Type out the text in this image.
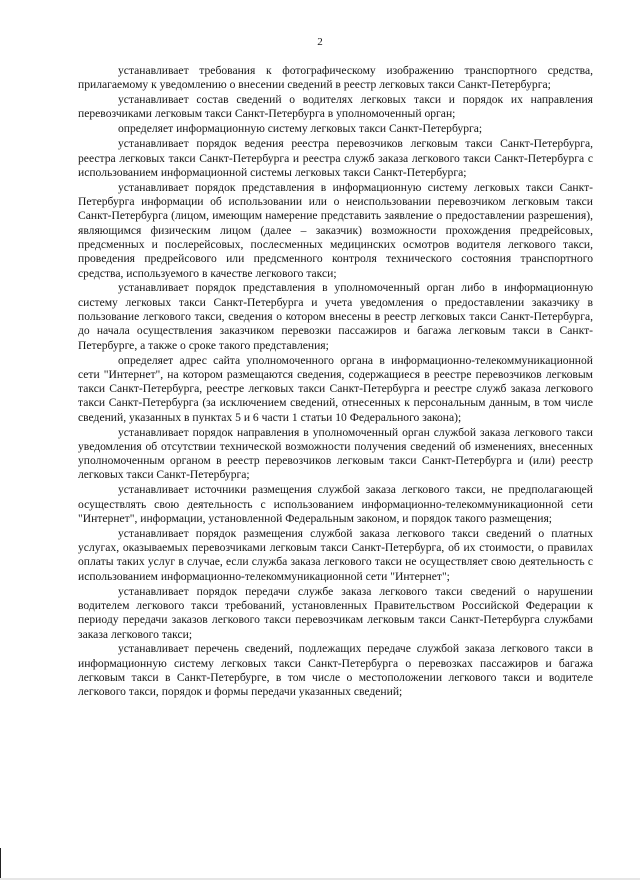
2

устанавливает требования к фотографическому изображению транспортного средства, прилагаемому к уведомлению о внесении сведений в реестр легковых такси Санкт-Петербурга;

устанавливает состав сведений о водителях легковых такси и порядок их направления перевозчиками легковым такси Санкт-Петербурга в уполномоченный орган;

определяет информационную систему легковых такси Санкт-Петербурга;

устанавливает порядок ведения реестра перевозчиков легковым такси Санкт-Петербурга, реестра легковых такси Санкт-Петербурга и реестра служб заказа легкового такси Санкт-Петербурга с использованием информационной системы легковых такси Санкт-Петербурга;

устанавливает порядок представления в информационную систему легковых такси Санкт-Петербурга информации об использовании или о неиспользовании перевозчиком легковым такси Санкт-Петербурга (лицом, имеющим намерение представить заявление о предоставлении разрешения), являющимся физическим лицом (далее – заказчик) возможности прохождения предрейсовых, предсменных и послерейсовых, послесменных медицинских осмотров водителя легкового такси, проведения предрейсового или предсменного контроля технического состояния транспортного средства, используемого в качестве легкового такси;

устанавливает порядок представления в уполномоченный орган либо в информационную систему легковых такси Санкт-Петербурга и учета уведомления о предоставлении заказчику в пользование легкового такси, сведения о котором внесены в реестр легковых такси Санкт-Петербурга, до начала осуществления заказчиком перевозки пассажиров и багажа легковым такси в Санкт-Петербурге, а также о сроке такого представления;

определяет адрес сайта уполномоченного органа в информационно-телекоммуникационной сети "Интернет", на котором размещаются сведения, содержащиеся в реестре перевозчиков легковым такси Санкт-Петербурга, реестре легковых такси Санкт-Петербурга и реестре служб заказа легкового такси Санкт-Петербурга (за исключением сведений, отнесенных к персональным данным, в том числе сведений, указанных в пунктах 5 и 6 части 1 статьи 10 Федерального закона);

устанавливает порядок направления в уполномоченный орган службой заказа легкового такси уведомления об отсутствии технической возможности получения сведений об изменениях, внесенных уполномоченным органом в реестр перевозчиков легковым такси Санкт-Петербурга и (или) реестр легковых такси Санкт-Петербурга;

устанавливает источники размещения службой заказа легкового такси, не предполагающей осуществлять свою деятельность с использованием информационно-телекоммуникационной сети "Интернет", информации, установленной Федеральным законом, и порядок такого размещения;

устанавливает порядок размещения службой заказа легкового такси сведений о платных услугах, оказываемых перевозчиками легковым такси Санкт-Петербурга, об их стоимости, о правилах оплаты таких услуг в случае, если служба заказа легкового такси не осуществляет свою деятельность с использованием информационно-телекоммуникационной сети "Интернет";

устанавливает порядок передачи службе заказа легкового такси сведений о нарушении водителем легкового такси требований, установленных Правительством Российской Федерации к периоду передачи заказов легкового такси перевозчикам легковым такси Санкт-Петербурга службами заказа легкового такси;

устанавливает перечень сведений, подлежащих передаче службой заказа легкового такси в информационную систему легковых такси Санкт-Петербурга о перевозках пассажиров и багажа легковым такси в Санкт-Петербурге, в том числе о местоположении легкового такси и водителе легкового такси, порядок и формы передачи указанных сведений;
